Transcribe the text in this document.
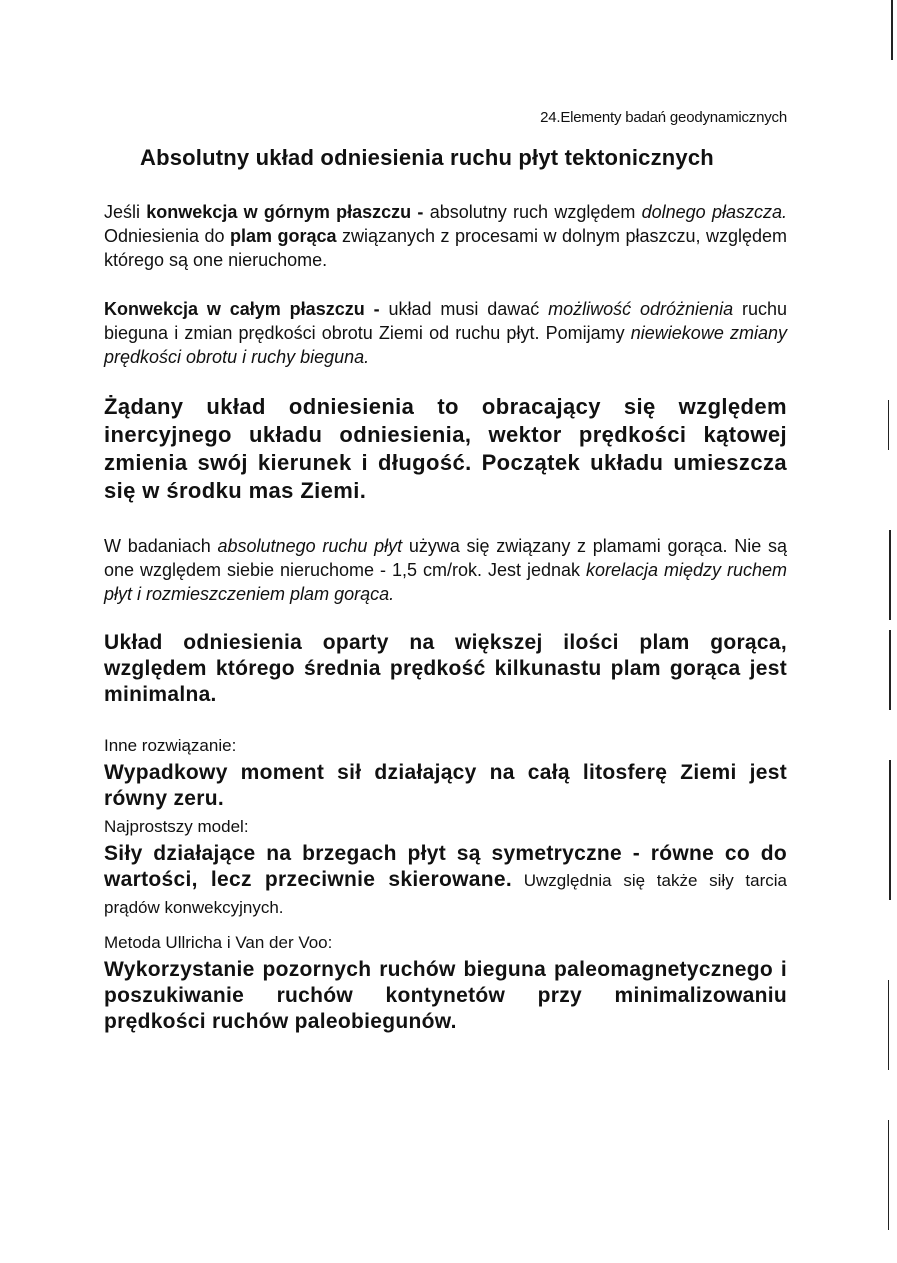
24.Elementy badań geodynamicznych
Absolutny układ odniesienia ruchu płyt tektonicznych
Jeśli konwekcja w górnym płaszczu - absolutny ruch względem dolnego płaszcza. Odniesienia do plam gorąca związanych z procesami w dolnym płaszczu, względem którego są one nieruchome.
Konwekcja w całym płaszczu - układ musi dawać możliwość odróżnienia ruchu bieguna i zmian prędkości obrotu Ziemi od ruchu płyt. Pomijamy niewiekowe zmiany prędkości obrotu i ruchy bieguna.
Żądany układ odniesienia to obracający się względem inercyjnego układu odniesienia, wektor prędkości kątowej zmienia swój kierunek i długość. Początek układu umieszcza się w środku mas Ziemi.
W badaniach absolutnego ruchu płyt używa się związany z plamami gorąca. Nie są one względem siebie nieruchome - 1,5 cm/rok. Jest jednak korelacja między ruchem płyt i rozmieszczeniem plam gorąca.
Układ odniesienia oparty na większej ilości plam gorąca, względem którego średnia prędkość kilkunastu plam gorąca jest minimalna.
Inne rozwiązanie:
Wypadkowy moment sił działający na całą litosferę Ziemi jest równy zeru.
Najprostszy model:
Siły działające na brzegach płyt są symetryczne - równe co do wartości, lecz przeciwnie skierowane. Uwzględnia się także siły tarcia prądów konwekcyjnych.
Metoda Ullricha i Van der Voo:
Wykorzystanie pozornych ruchów bieguna paleomagnetycznego i poszukiwanie ruchów kontynetów przy minimalizowaniu prędkości ruchów paleobiegunów.
